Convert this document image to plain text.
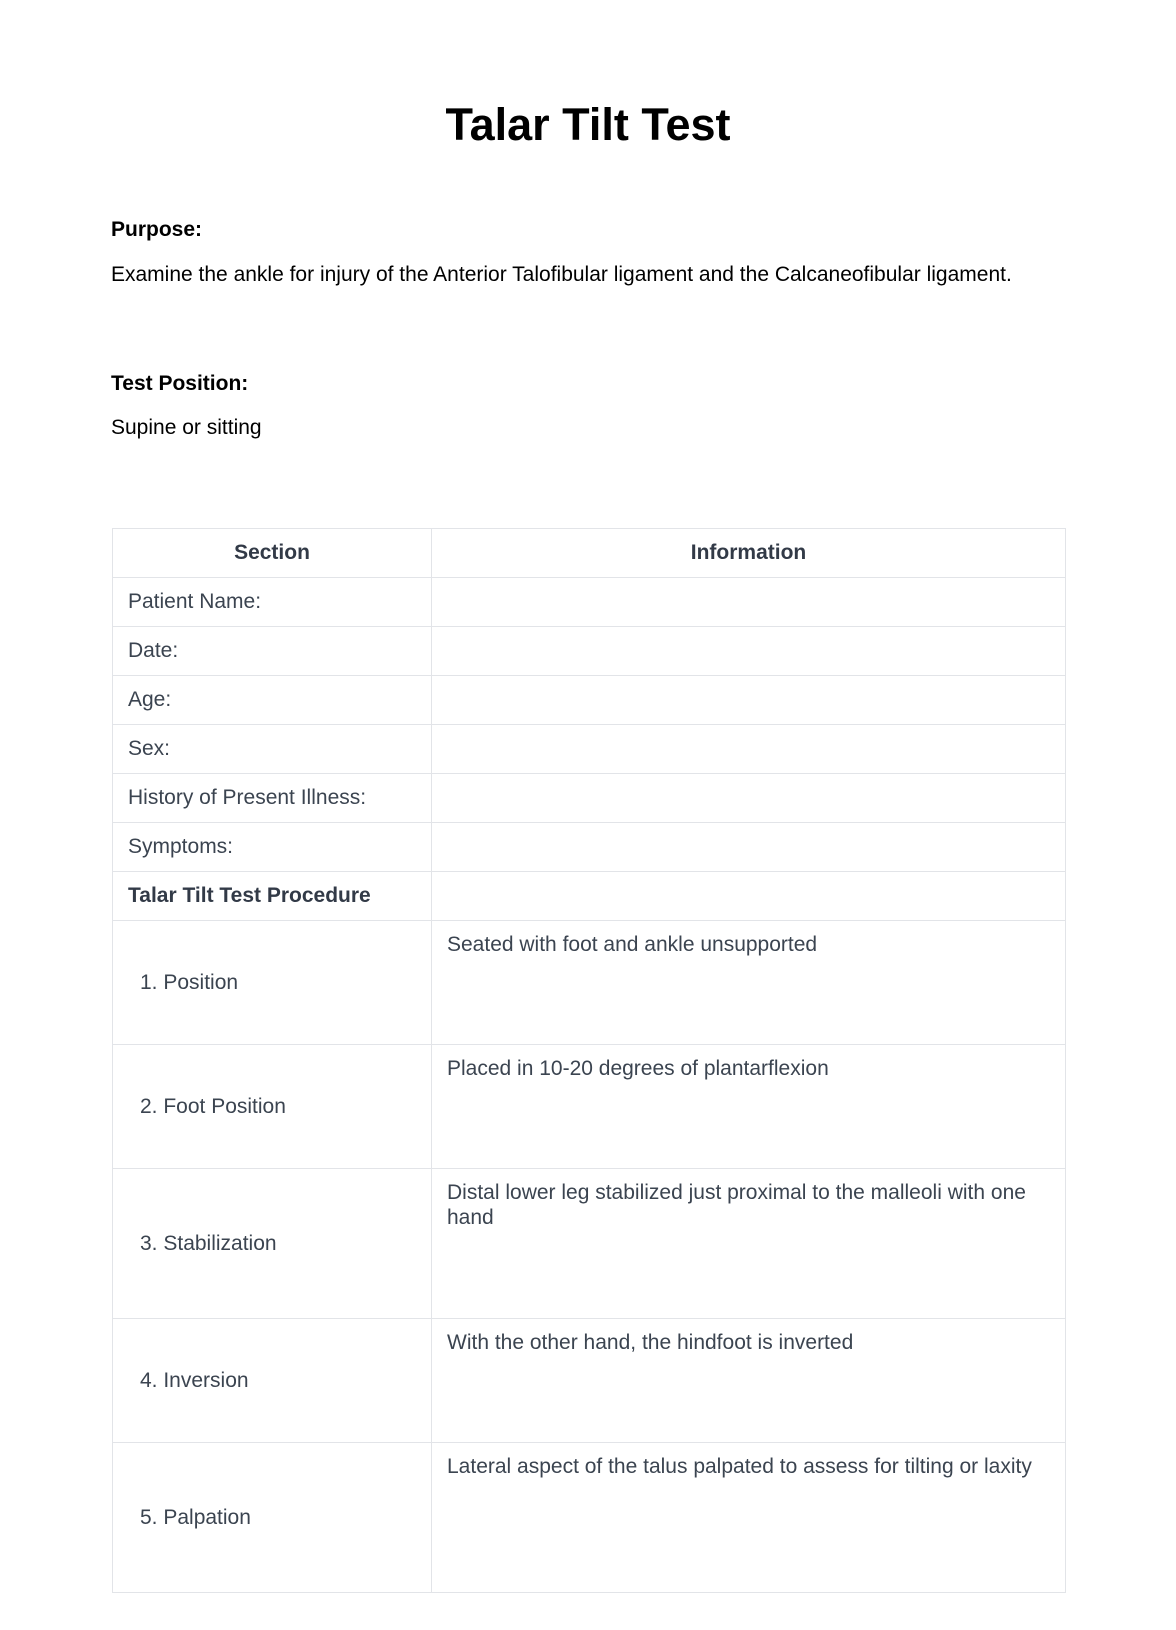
Talar Tilt Test
Purpose:
Examine the ankle for injury of the Anterior Talofibular ligament and the Calcaneofibular ligament.
Test Position:
Supine or sitting
Section	Information
Patient Name:	
Date:	
Age:	
Sex:	
History of Present Illness:	
Symptoms:	
Talar Tilt Test Procedure	
1. Position	Seated with foot and ankle unsupported
2. Foot Position	Placed in 10-20 degrees of plantarflexion
3. Stabilization	Distal lower leg stabilized just proximal to the malleoli with one hand
4. Inversion	With the other hand, the hindfoot is inverted
5. Palpation	Lateral aspect of the talus palpated to assess for tilting or laxity
